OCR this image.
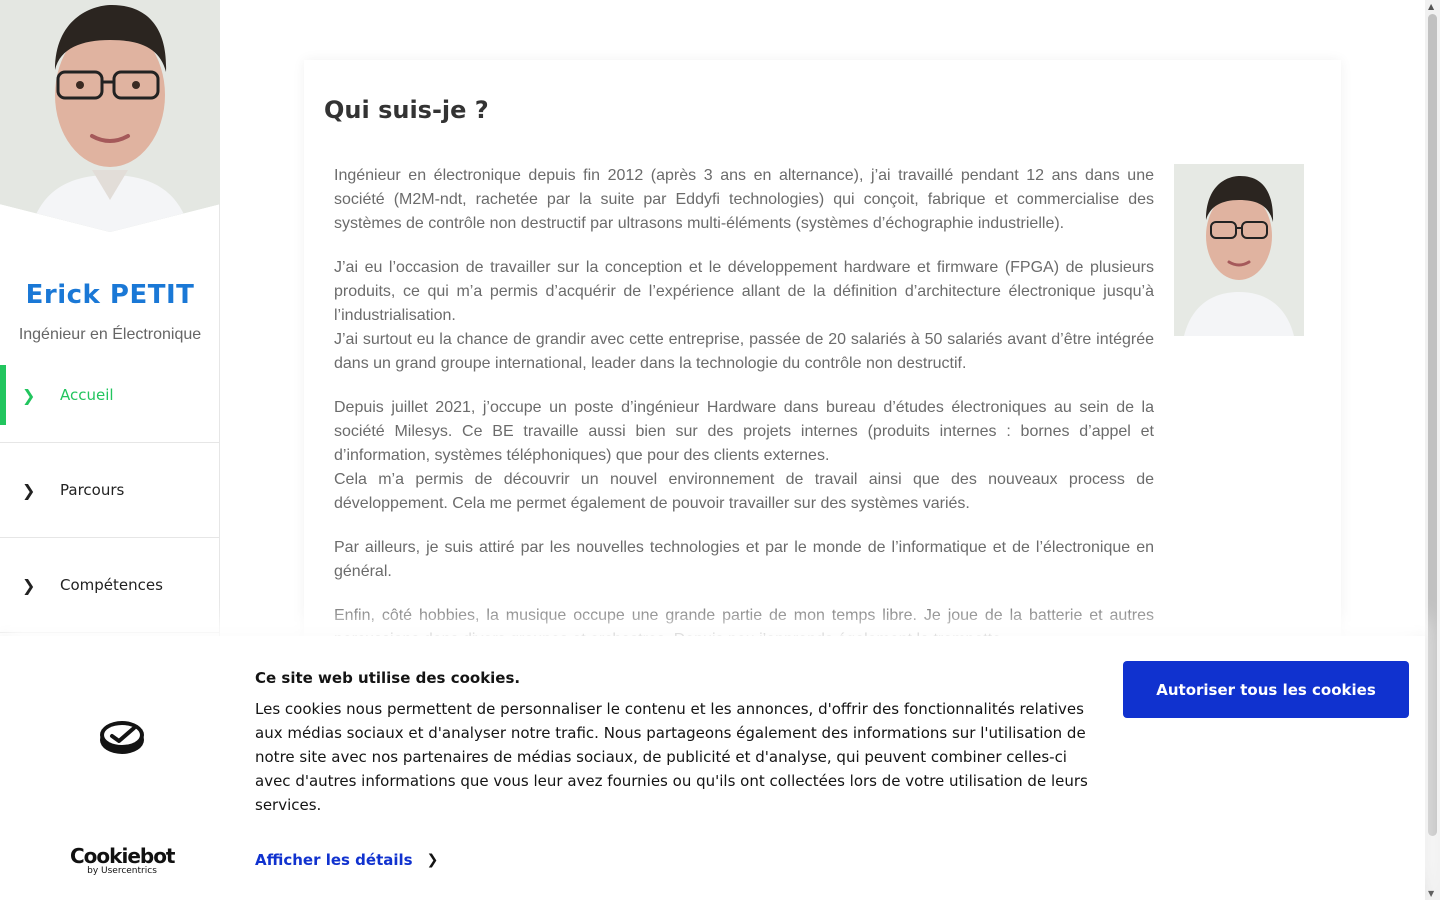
Erick PETIT
Ingénieur en Électronique
❯ Accueil
❯ Parcours
❯ Compétences
Qui suis-je ?

Ingénieur en électronique depuis fin 2012 (après 3 ans en alternance), j’ai travaillé pendant 12 ans dans une société (M2M-ndt, rachetée par la suite par Eddyfi technologies) qui conçoit, fabrique et commercialise des systèmes de contrôle non destructif par ultrasons multi-éléments (systèmes d’échographie industrielle).

J’ai eu l’occasion de travailler sur la conception et le développement hardware et firmware (FPGA) de plusieurs produits, ce qui m’a permis d’acquérir de l’expérience allant de la définition d’architecture électronique jusqu’à l’industrialisation.
J’ai surtout eu la chance de grandir avec cette entreprise, passée de 20 salariés à 50 salariés avant d’être intégrée dans un grand groupe international, leader dans la technologie du contrôle non destructif.

Depuis juillet 2021, j’occupe un poste d’ingénieur Hardware dans bureau d’études électroniques au sein de la société Milesys. Ce BE travaille aussi bien sur des projets internes (produits internes : bornes d’appel et d’information, systèmes téléphoniques) que pour des clients externes.
Cela m’a permis de découvrir un nouvel environnement de travail ainsi que des nouveaux process de développement. Cela me permet également de pouvoir travailler sur des systèmes variés.

Par ailleurs, je suis attiré par les nouvelles technologies et par le monde de l’informatique et de l’électronique en général.

Enfin, côté hobbies, la musique occupe une grande partie de mon temps libre. Je joue de la batterie et autres

▲
▼
Cookiebot
by Usercentrics
Ce site web utilise des cookies.
Les cookies nous permettent de personnaliser le contenu et les annonces, d'offrir des fonctionnalités relatives aux médias sociaux et d'analyser notre trafic. Nous partageons également des informations sur l'utilisation de notre site avec nos partenaires de médias sociaux, de publicité et d'analyse, qui peuvent combiner celles-ci avec d'autres informations que vous leur avez fournies ou qu'ils ont collectées lors de votre utilisation de leurs services.
Afficher les détails ❯
Autoriser tous les cookies
